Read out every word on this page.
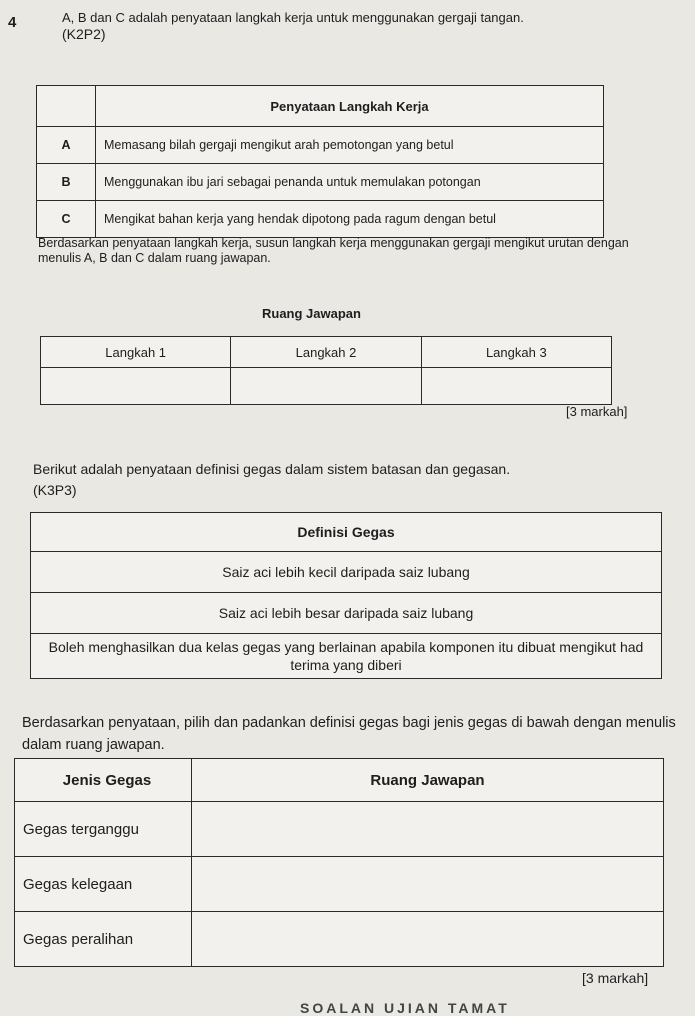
4	A, B dan C adalah penyataan langkah kerja untuk menggunakan gergaji tangan.
(K2P2)
	Penyataan Langkah Kerja
A	Memasang bilah gergaji mengikut arah pemotongan yang betul
B	Menggunakan ibu jari sebagai penanda untuk memulakan potongan
C	Mengikat bahan kerja yang hendak dipotong pada ragum dengan betul
Berdasarkan penyataan langkah kerja, susun langkah kerja menggunakan gergaji mengikut urutan dengan menulis A, B dan C dalam ruang jawapan.
Ruang Jawapan
Langkah 1	Langkah 2	Langkah 3

[3 markah]
Berikut adalah penyataan definisi gegas dalam sistem batasan dan gegasan.
(K3P3)
Definisi Gegas
Saiz aci lebih kecil daripada saiz lubang
Saiz aci lebih besar daripada saiz lubang
Boleh menghasilkan dua kelas gegas yang berlainan apabila komponen itu dibuat mengikut had terima yang diberi
Berdasarkan penyataan, pilih dan padankan definisi gegas bagi jenis gegas di bawah dengan menulis dalam ruang jawapan.
Jenis Gegas	Ruang Jawapan
Gegas terganggu	
Gegas kelegaan	
Gegas peralihan	
[3 markah]
SOALAN UJIAN TAMAT
